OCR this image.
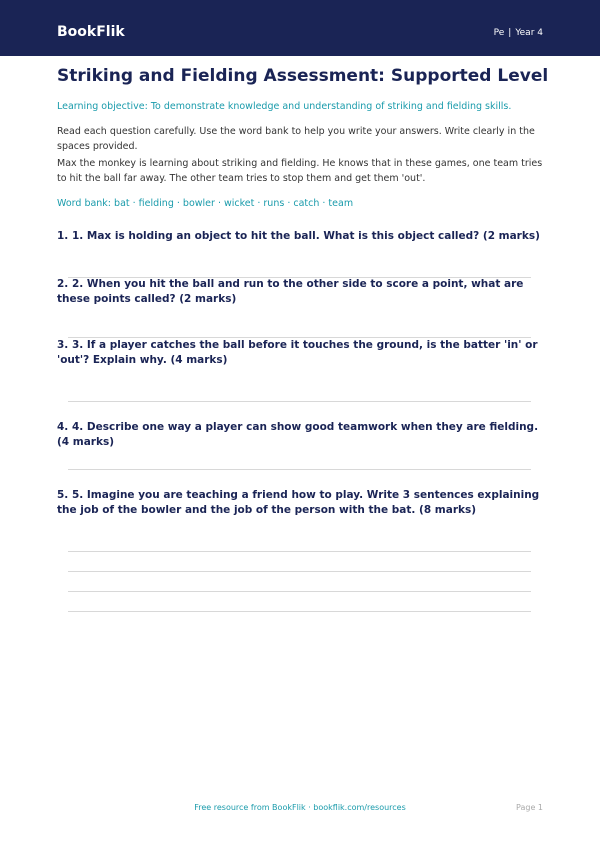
BookFlik	Pe | Year 4
Striking and Fielding Assessment: Supported Level
Learning objective: To demonstrate knowledge and understanding of striking and fielding skills.
Read each question carefully. Use the word bank to help you write your answers. Write clearly in the spaces provided.
Max the monkey is learning about striking and fielding. He knows that in these games, one team tries to hit the ball far away. The other team tries to stop them and get them 'out'.
Word bank: bat · fielding · bowler · wicket · runs · catch · team
1. 1. Max is holding an object to hit the ball. What is this object called? (2 marks)
2. 2. When you hit the ball and run to the other side to score a point, what are these points called? (2 marks)
3. 3. If a player catches the ball before it touches the ground, is the batter 'in' or 'out'? Explain why. (4 marks)
4. 4. Describe one way a player can show good teamwork when they are fielding. (4 marks)
5. 5. Imagine you are teaching a friend how to play. Write 3 sentences explaining the job of the bowler and the job of the person with the bat. (8 marks)
Free resource from BookFlik · bookflik.com/resources	Page 1
